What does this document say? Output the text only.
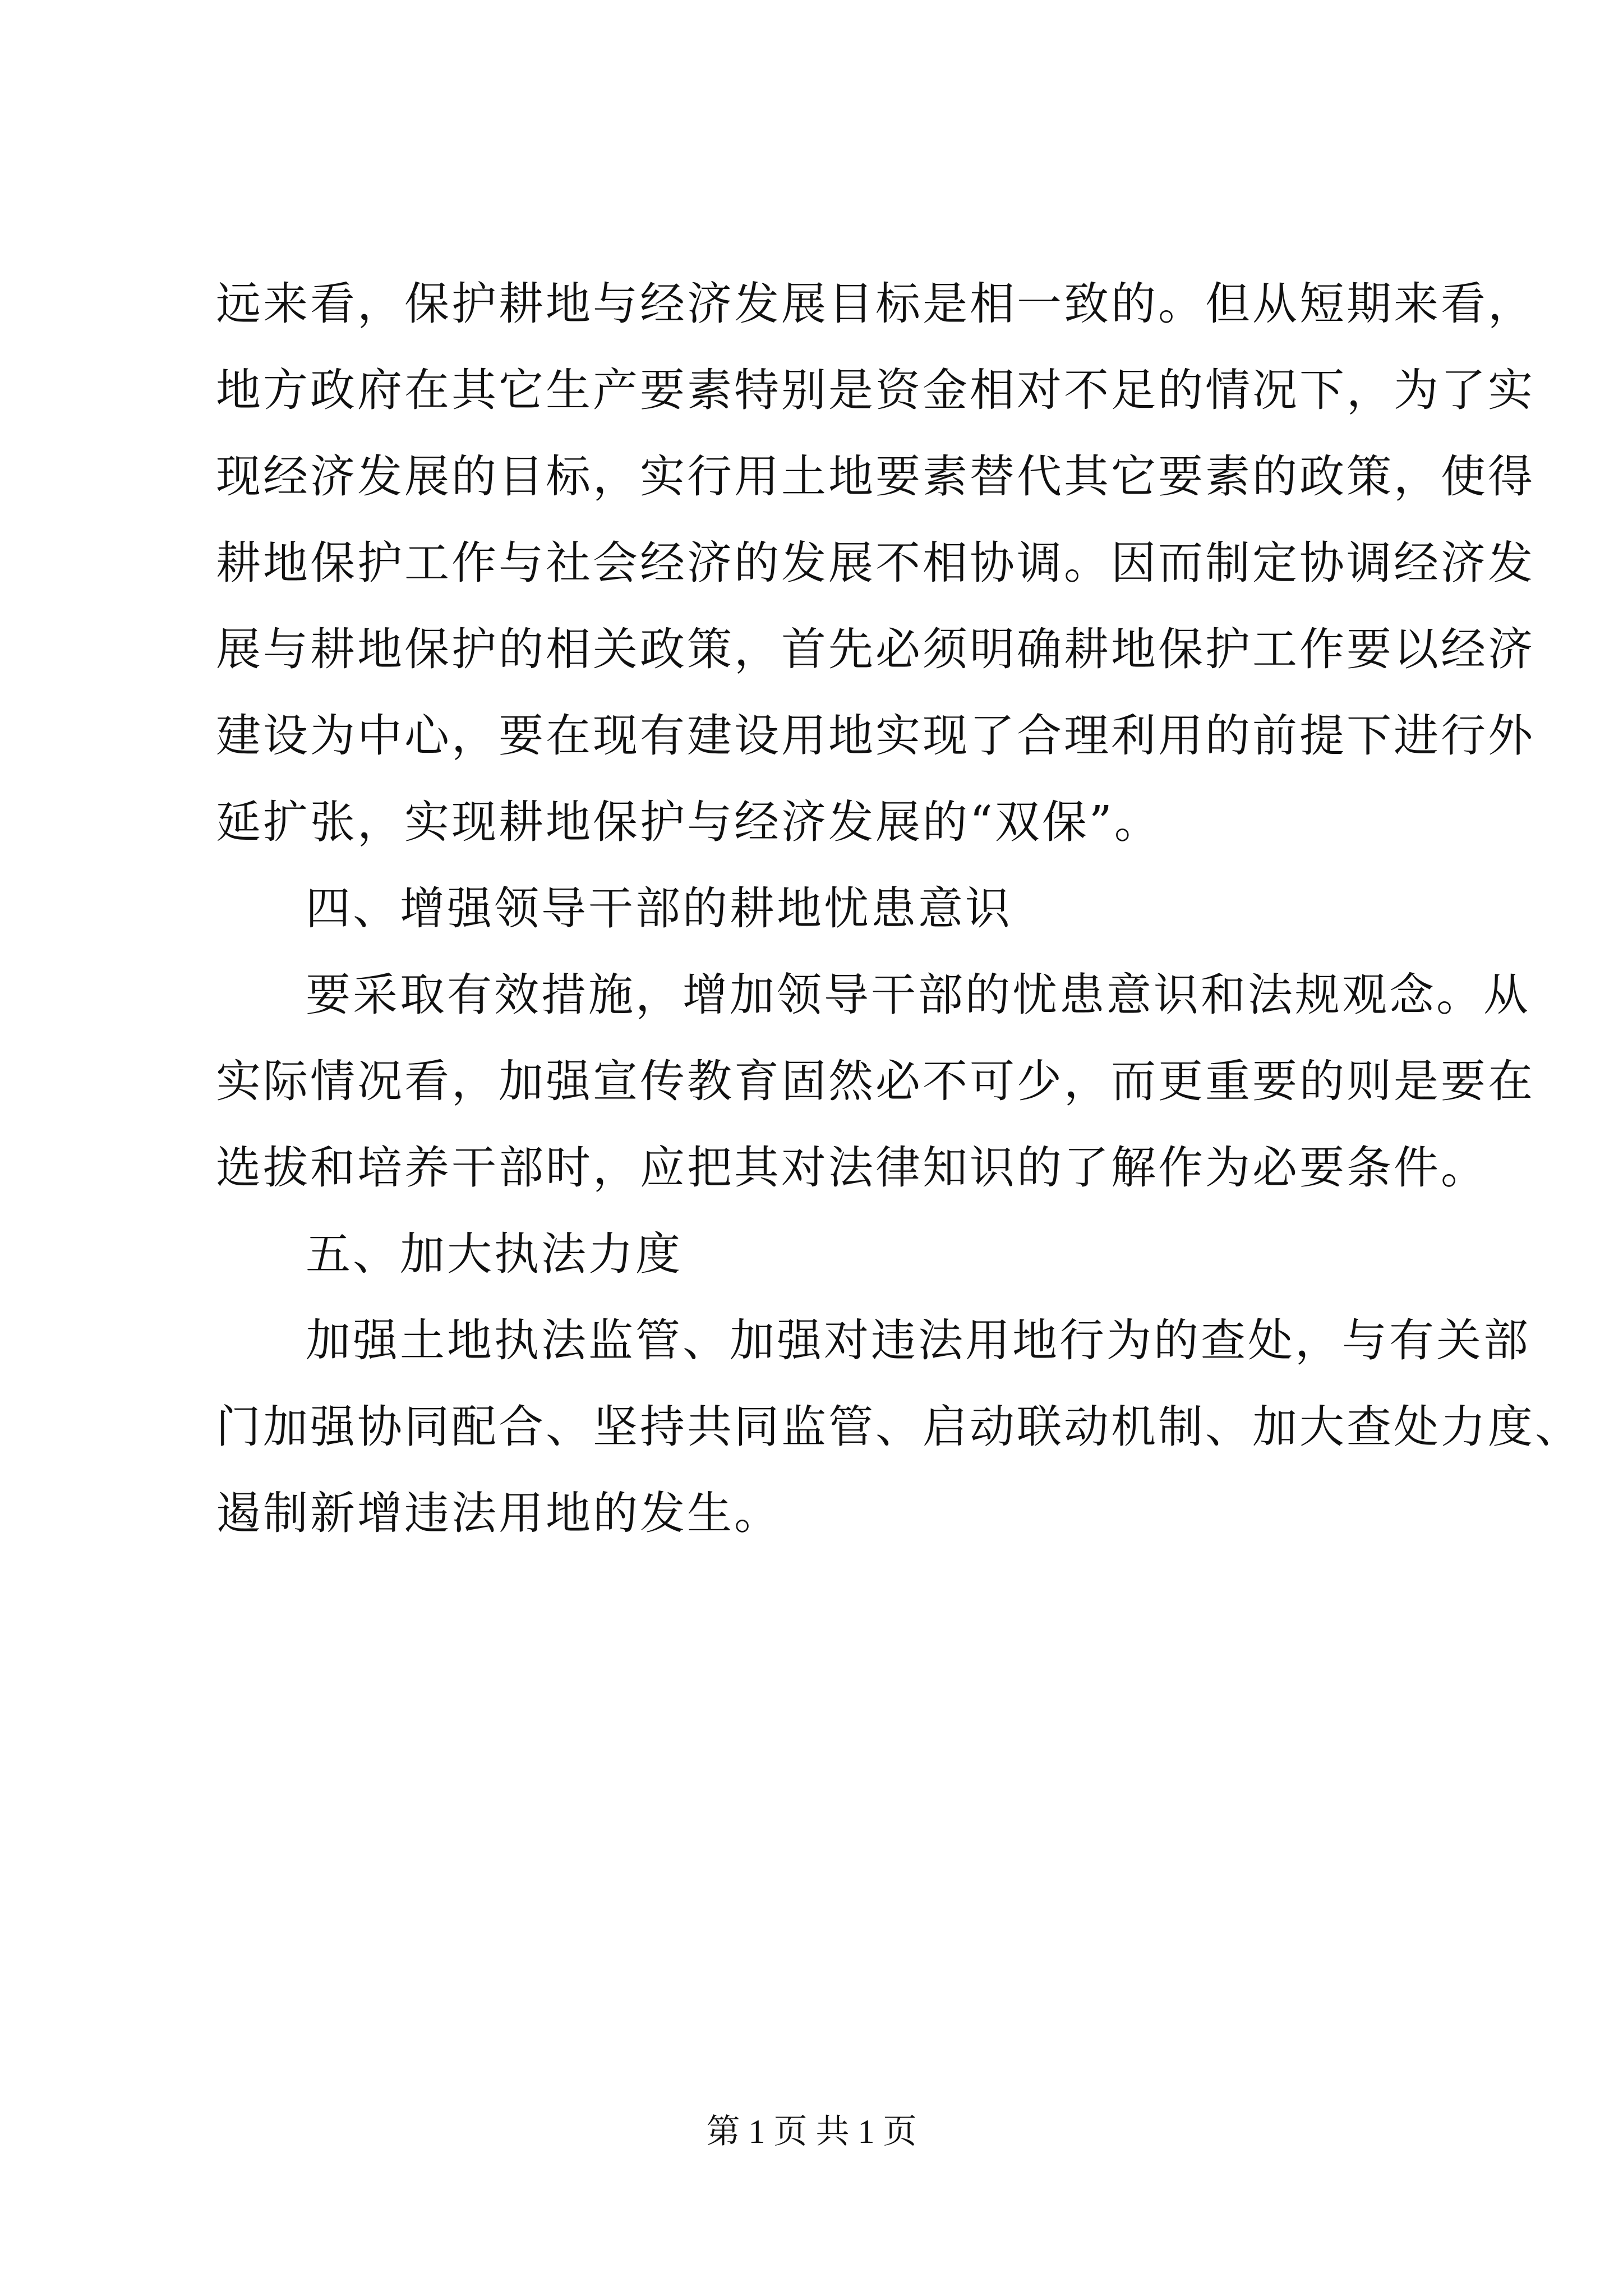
远来看，保护耕地与经济发展目标是相一致的。但从短期来看，
地方政府在其它生产要素特别是资金相对不足的情况下，为了实
现经济发展的目标，实行用土地要素替代其它要素的政策，使得
耕地保护工作与社会经济的发展不相协调。因而制定协调经济发
展与耕地保护的相关政策，首先必须明确耕地保护工作要以经济
建设为中心，要在现有建设用地实现了合理利用的前提下进行外
延扩张，实现耕地保护与经济发展的“双保”。
四、增强领导干部的耕地忧患意识
要采取有效措施，增加领导干部的忧患意识和法规观念。从
实际情况看，加强宣传教育固然必不可少，而更重要的则是要在
选拔和培养干部时，应把其对法律知识的了解作为必要条件。
五、加大执法力度
加强土地执法监管、加强对违法用地行为的查处，与有关部
门加强协同配合、坚持共同监管、启动联动机制、加大查处力度、
遏制新增违法用地的发生。
第 1 页 共 1 页
